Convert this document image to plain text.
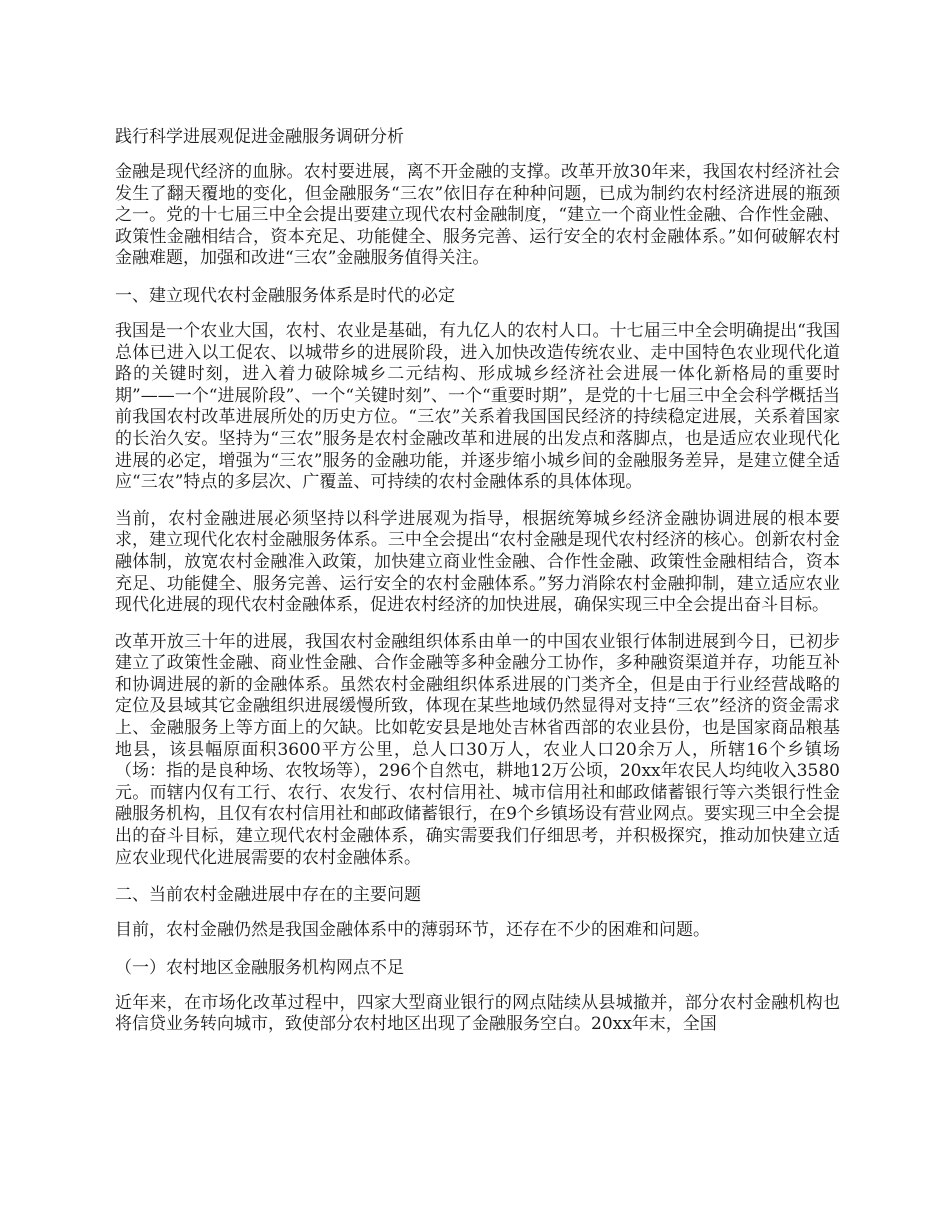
践行科学进展观促进金融服务调研分析
金融是现代经济的血脉。农村要进展，离不开金融的支撑。改革开放30年来，我国农村经济社会发生了翻天覆地的变化，但金融服务“三农”依旧存在种种问题，已成为制约农村经济进展的瓶颈之一。党的十七届三中全会提出要建立现代农村金融制度，“建立一个商业性金融、合作性金融、政策性金融相结合，资本充足、功能健全、服务完善、运行安全的农村金融体系。”如何破解农村金融难题，加强和改进“三农”金融服务值得关注。
一、建立现代农村金融服务体系是时代的必定
我国是一个农业大国，农村、农业是基础，有九亿人的农村人口。十七届三中全会明确提出“我国总体已进入以工促农、以城带乡的进展阶段，进入加快改造传统农业、走中国特色农业现代化道路的关键时刻，进入着力破除城乡二元结构、形成城乡经济社会进展一体化新格局的重要时期”——一个“进展阶段”、一个“关键时刻”、一个“重要时期”，是党的十七届三中全会科学概括当前我国农村改革进展所处的历史方位。“三农”关系着我国国民经济的持续稳定进展，关系着国家的长治久安。坚持为“三农”服务是农村金融改革和进展的出发点和落脚点，也是适应农业现代化进展的必定，增强为“三农”服务的金融功能，并逐步缩小城乡间的金融服务差异，是建立健全适应“三农”特点的多层次、广覆盖、可持续的农村金融体系的具体体现。
当前，农村金融进展必须坚持以科学进展观为指导，根据统筹城乡经济金融协调进展的根本要求，建立现代化农村金融服务体系。三中全会提出“农村金融是现代农村经济的核心。创新农村金融体制，放宽农村金融准入政策，加快建立商业性金融、合作性金融、政策性金融相结合，资本充足、功能健全、服务完善、运行安全的农村金融体系。”努力消除农村金融抑制，建立适应农业现代化进展的现代农村金融体系，促进农村经济的加快进展，确保实现三中全会提出奋斗目标。
改革开放三十年的进展，我国农村金融组织体系由单一的中国农业银行体制进展到今日，已初步建立了政策性金融、商业性金融、合作金融等多种金融分工协作，多种融资渠道并存，功能互补和协调进展的新的金融体系。虽然农村金融组织体系进展的门类齐全，但是由于行业经营战略的定位及县域其它金融组织进展缓慢所致，体现在某些地域仍然显得对支持“三农”经济的资金需求上、金融服务上等方面上的欠缺。比如乾安县是地处吉林省西部的农业县份，也是国家商品粮基地县，该县幅原面积3600平方公里，总人口30万人，农业人口20余万人，所辖16个乡镇场（场：指的是良种场、农牧场等），296个自然屯，耕地12万公顷，20xx年农民人均纯收入3580元。而辖内仅有工行、农行、农发行、农村信用社、城市信用社和邮政储蓄银行等六类银行性金融服务机构，且仅有农村信用社和邮政储蓄银行，在9个乡镇场设有营业网点。要实现三中全会提出的奋斗目标，建立现代农村金融体系，确实需要我们仔细思考，并积极探究，推动加快建立适应农业现代化进展需要的农村金融体系。
二、当前农村金融进展中存在的主要问题
目前，农村金融仍然是我国金融体系中的薄弱环节，还存在不少的困难和问题。
（一）农村地区金融服务机构网点不足
近年来，在市场化改革过程中，四家大型商业银行的网点陆续从县城撤并，部分农村金融机构也将信贷业务转向城市，致使部分农村地区出现了金融服务空白。20xx年末，全国
